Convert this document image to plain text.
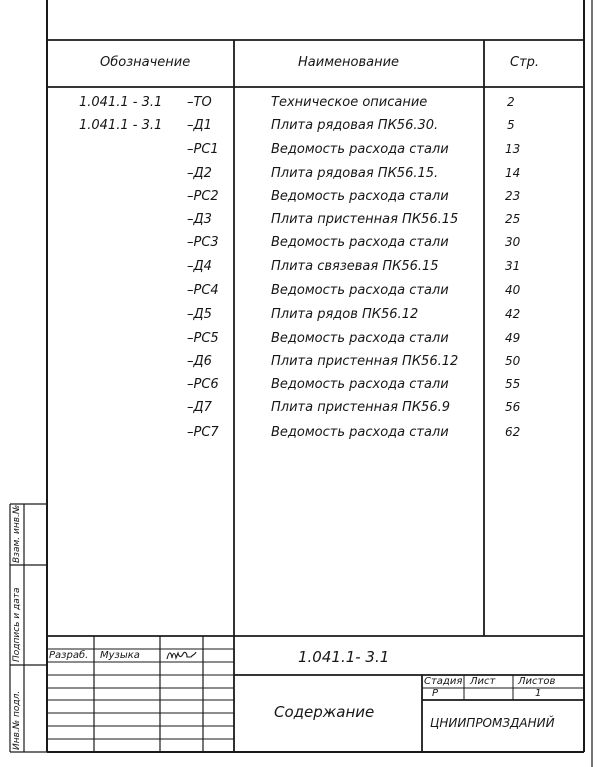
Обозначение	Наименование	Стр.
1.041.1 - 3.1 –ТО	Техническое описание	2
1.041.1 - 3.1 –Д1	Плита рядовая ПК56.30.	5
–РС1	Ведомость расхода стали	13
–Д2	Плита рядовая ПК56.15.	14
–РС2	Ведомость расхода стали	23
–Д3	Плита пристенная ПК56.15	25
–РС3	Ведомость расхода стали	30
–Д4	Плита связевая ПК56.15	31
–РС4	Ведомость расхода стали	40
–Д5	Плита рядов ПК56.12	42
–РС5	Ведомость расхода стали	49
–Д6	Плита пристенная ПК56.12	50
–РС6	Ведомость расхода стали	55
–Д7	Плита пристенная ПК56.9	56
–РС7	Ведомость расхода стали	62
Инв.№ подл.
Подпись и дата
Взам. инв.№
Разраб. Музыка	1.041.1- 3.1
Содержание
Стадия Лист Листов
Р	1
ЦНИИПРОМЗДАНИЙ
